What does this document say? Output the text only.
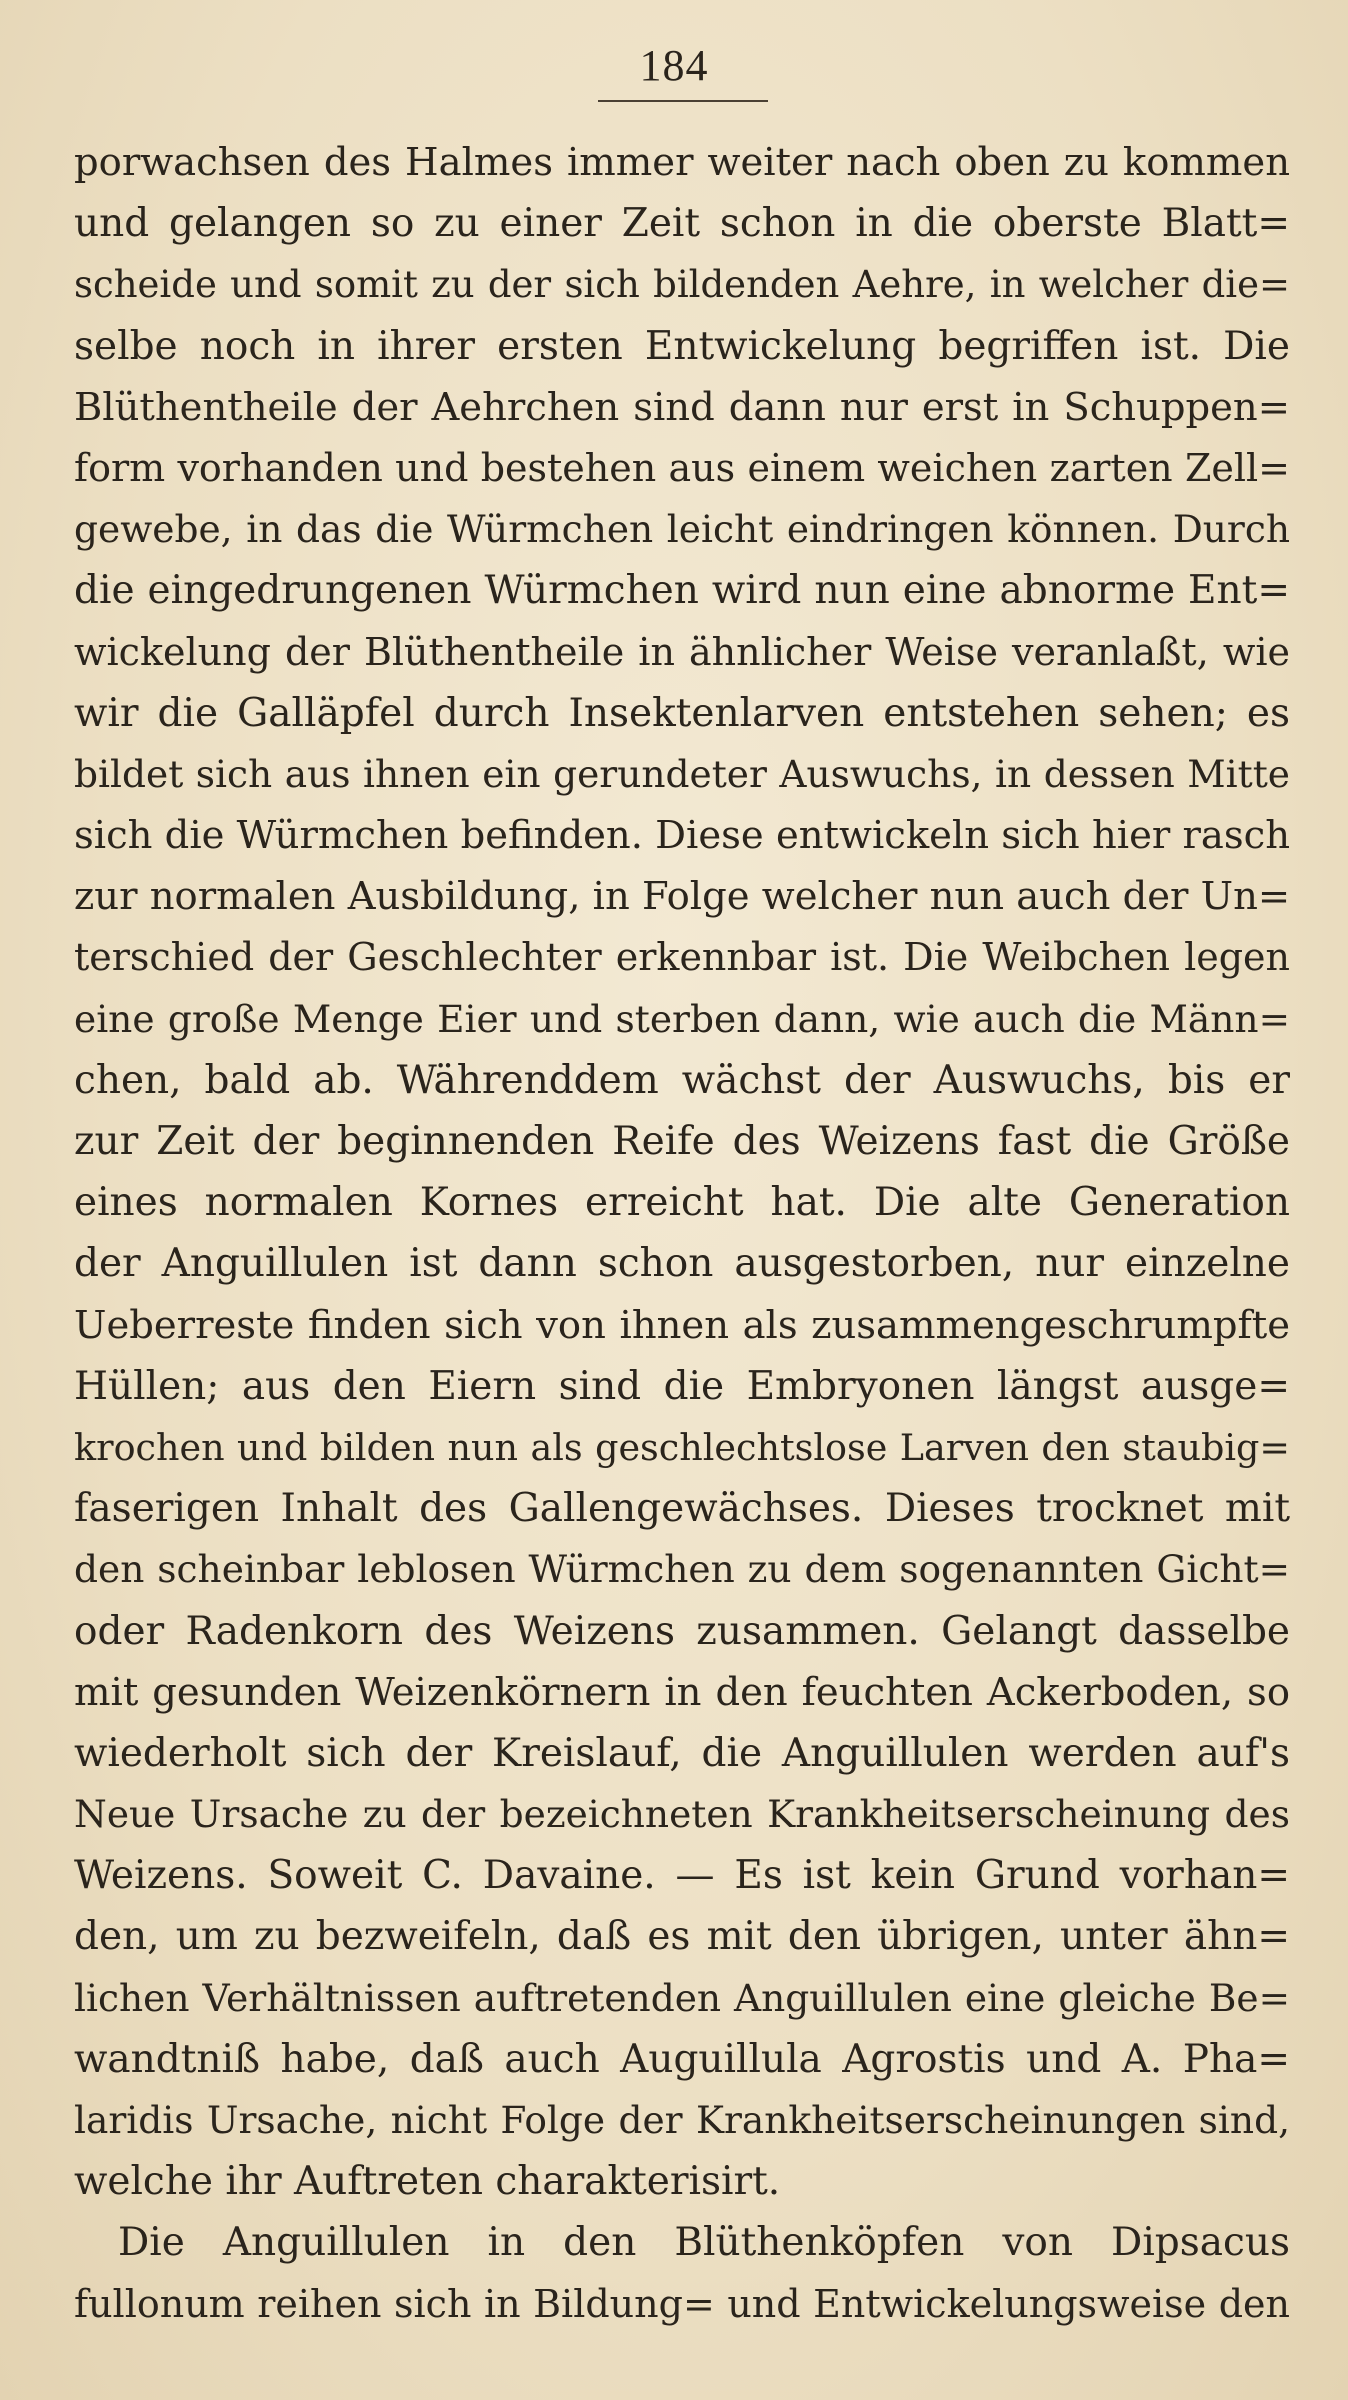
184
porwachsen des Halmes immer weiter nach oben zu kommen
und gelangen so zu einer Zeit schon in die oberste Blatt=
scheide und somit zu der sich bildenden Aehre, in welcher die=
selbe noch in ihrer ersten Entwickelung begriffen ist. Die
Blüthentheile der Aehrchen sind dann nur erst in Schuppen=
form vorhanden und bestehen aus einem weichen zarten Zell=
gewebe, in das die Würmchen leicht eindringen können. Durch
die eingedrungenen Würmchen wird nun eine abnorme Ent=
wickelung der Blüthentheile in ähnlicher Weise veranlaßt, wie
wir die Galläpfel durch Insektenlarven entstehen sehen; es
bildet sich aus ihnen ein gerundeter Auswuchs, in dessen Mitte
sich die Würmchen befinden. Diese entwickeln sich hier rasch
zur normalen Ausbildung, in Folge welcher nun auch der Un=
terschied der Geschlechter erkennbar ist. Die Weibchen legen
eine große Menge Eier und sterben dann, wie auch die Männ=
chen, bald ab. Währenddem wächst der Auswuchs, bis er
zur Zeit der beginnenden Reife des Weizens fast die Größe
eines normalen Kornes erreicht hat. Die alte Generation
der Anguillulen ist dann schon ausgestorben, nur einzelne
Ueberreste finden sich von ihnen als zusammengeschrumpfte
Hüllen; aus den Eiern sind die Embryonen längst ausge=
krochen und bilden nun als geschlechtslose Larven den staubig=
faserigen Inhalt des Gallengewächses. Dieses trocknet mit
den scheinbar leblosen Würmchen zu dem sogenannten Gicht=
oder Radenkorn des Weizens zusammen. Gelangt dasselbe
mit gesunden Weizenkörnern in den feuchten Ackerboden, so
wiederholt sich der Kreislauf, die Anguillulen werden auf's
Neue Ursache zu der bezeichneten Krankheitserscheinung des
Weizens. Soweit C. Davaine. — Es ist kein Grund vorhan=
den, um zu bezweifeln, daß es mit den übrigen, unter ähn=
lichen Verhältnissen auftretenden Anguillulen eine gleiche Be=
wandtniß habe, daß auch Auguillula Agrostis und A. Pha=
laridis Ursache, nicht Folge der Krankheitserscheinungen sind,
welche ihr Auftreten charakterisirt.
Die Anguillulen in den Blüthenköpfen von Dipsacus
fullonum reihen sich in Bildung= und Entwickelungsweise den
